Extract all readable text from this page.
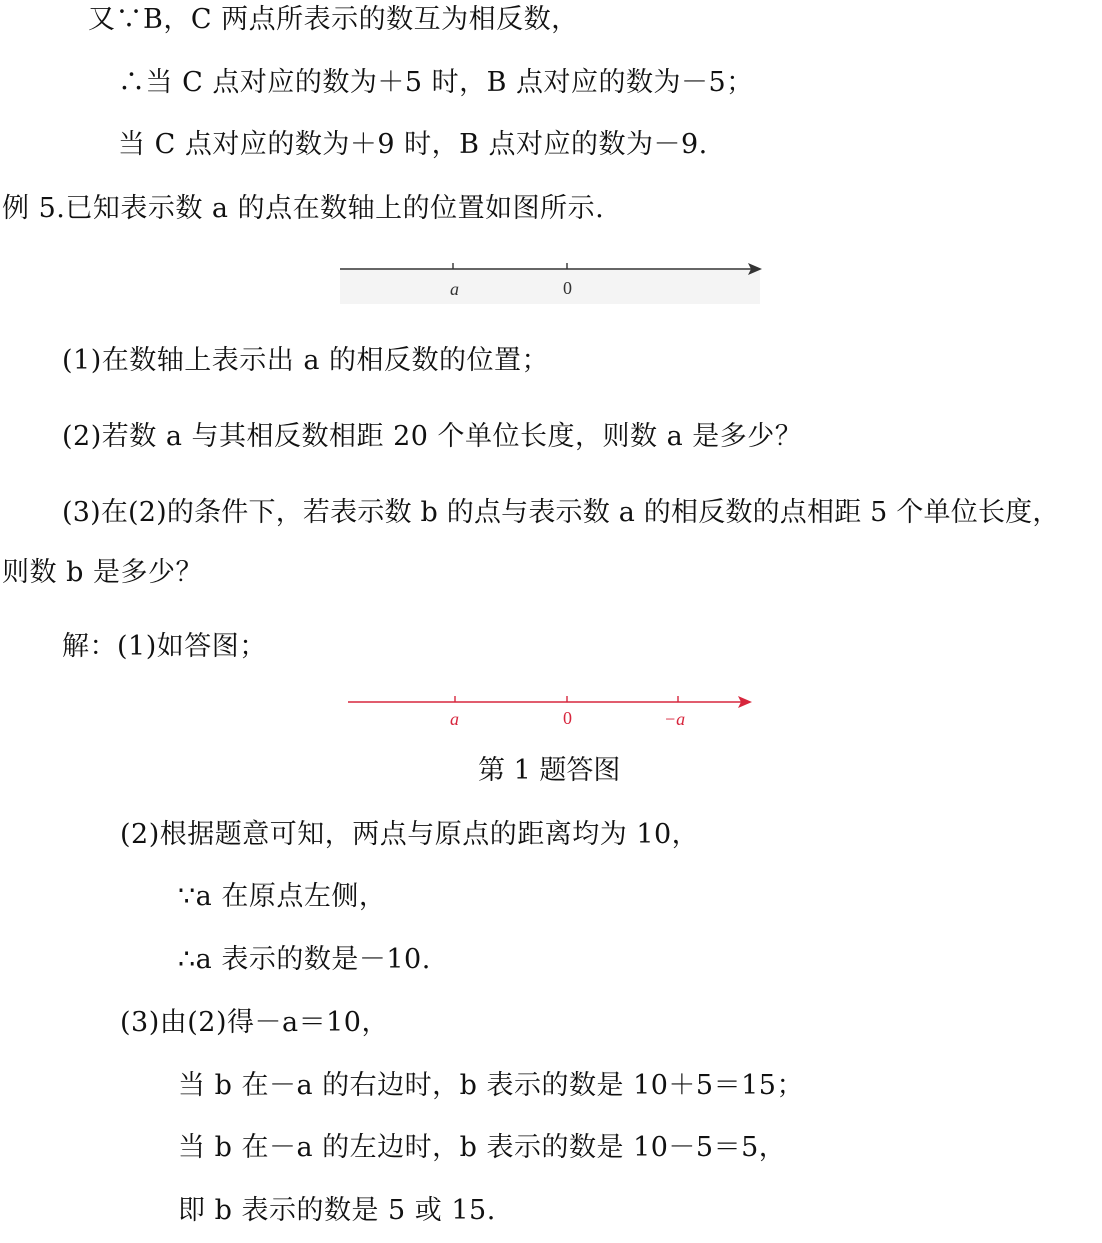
又∵B，C 两点所表示的数互为相反数，
∴当 C 点对应的数为＋5 时，B 点对应的数为－5；
当 C 点对应的数为＋9 时，B 点对应的数为－9.
例 5.已知表示数 a 的点在数轴上的位置如图所示.
a	0
(1)在数轴上表示出 a 的相反数的位置；
(2)若数 a 与其相反数相距 20 个单位长度，则数 a 是多少？
(3)在(2)的条件下，若表示数 b 的点与表示数 a 的相反数的点相距 5 个单位长度，
则数 b 是多少？
解：(1)如答图；
a	0	−a
第 1 题答图
(2)根据题意可知，两点与原点的距离均为 10，
∵a 在原点左侧，
∴a 表示的数是－10.
(3)由(2)得－a＝10，
当 b 在－a 的右边时，b 表示的数是 10＋5＝15；
当 b 在－a 的左边时，b 表示的数是 10－5＝5，
即 b 表示的数是 5 或 15.
